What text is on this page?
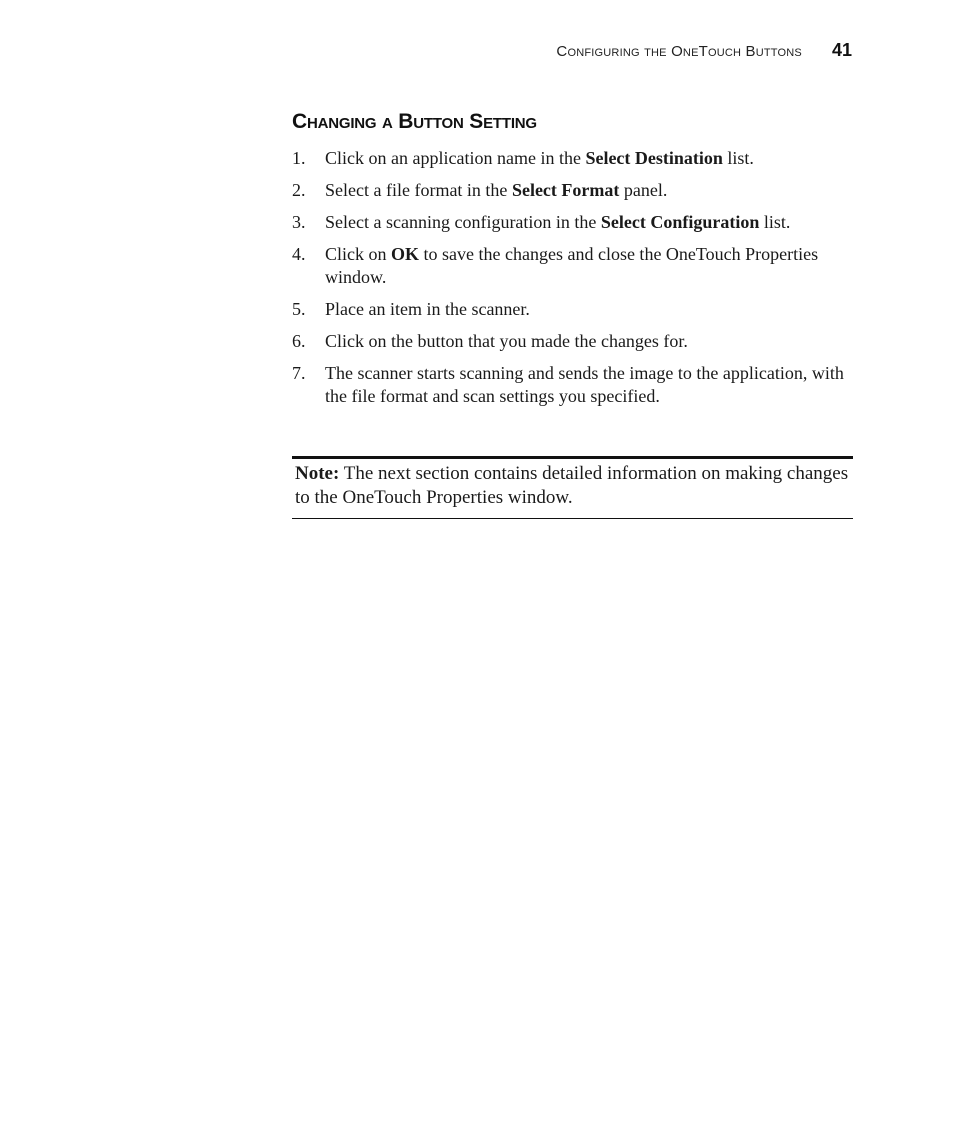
Configuring the OneTouch Buttons 41
Changing a Button Setting
1.	Click on an application name in the Select Destination list.
2.	Select a file format in the Select Format panel.
3.	Select a scanning configuration in the Select Configuration list.
4.	Click on OK to save the changes and close the OneTouch Properties window.
5.	Place an item in the scanner.
6.	Click on the button that you made the changes for.
7.	The scanner starts scanning and sends the image to the application, with the file format and scan settings you specified.
Note: The next section contains detailed information on making changes to the OneTouch Properties window.
